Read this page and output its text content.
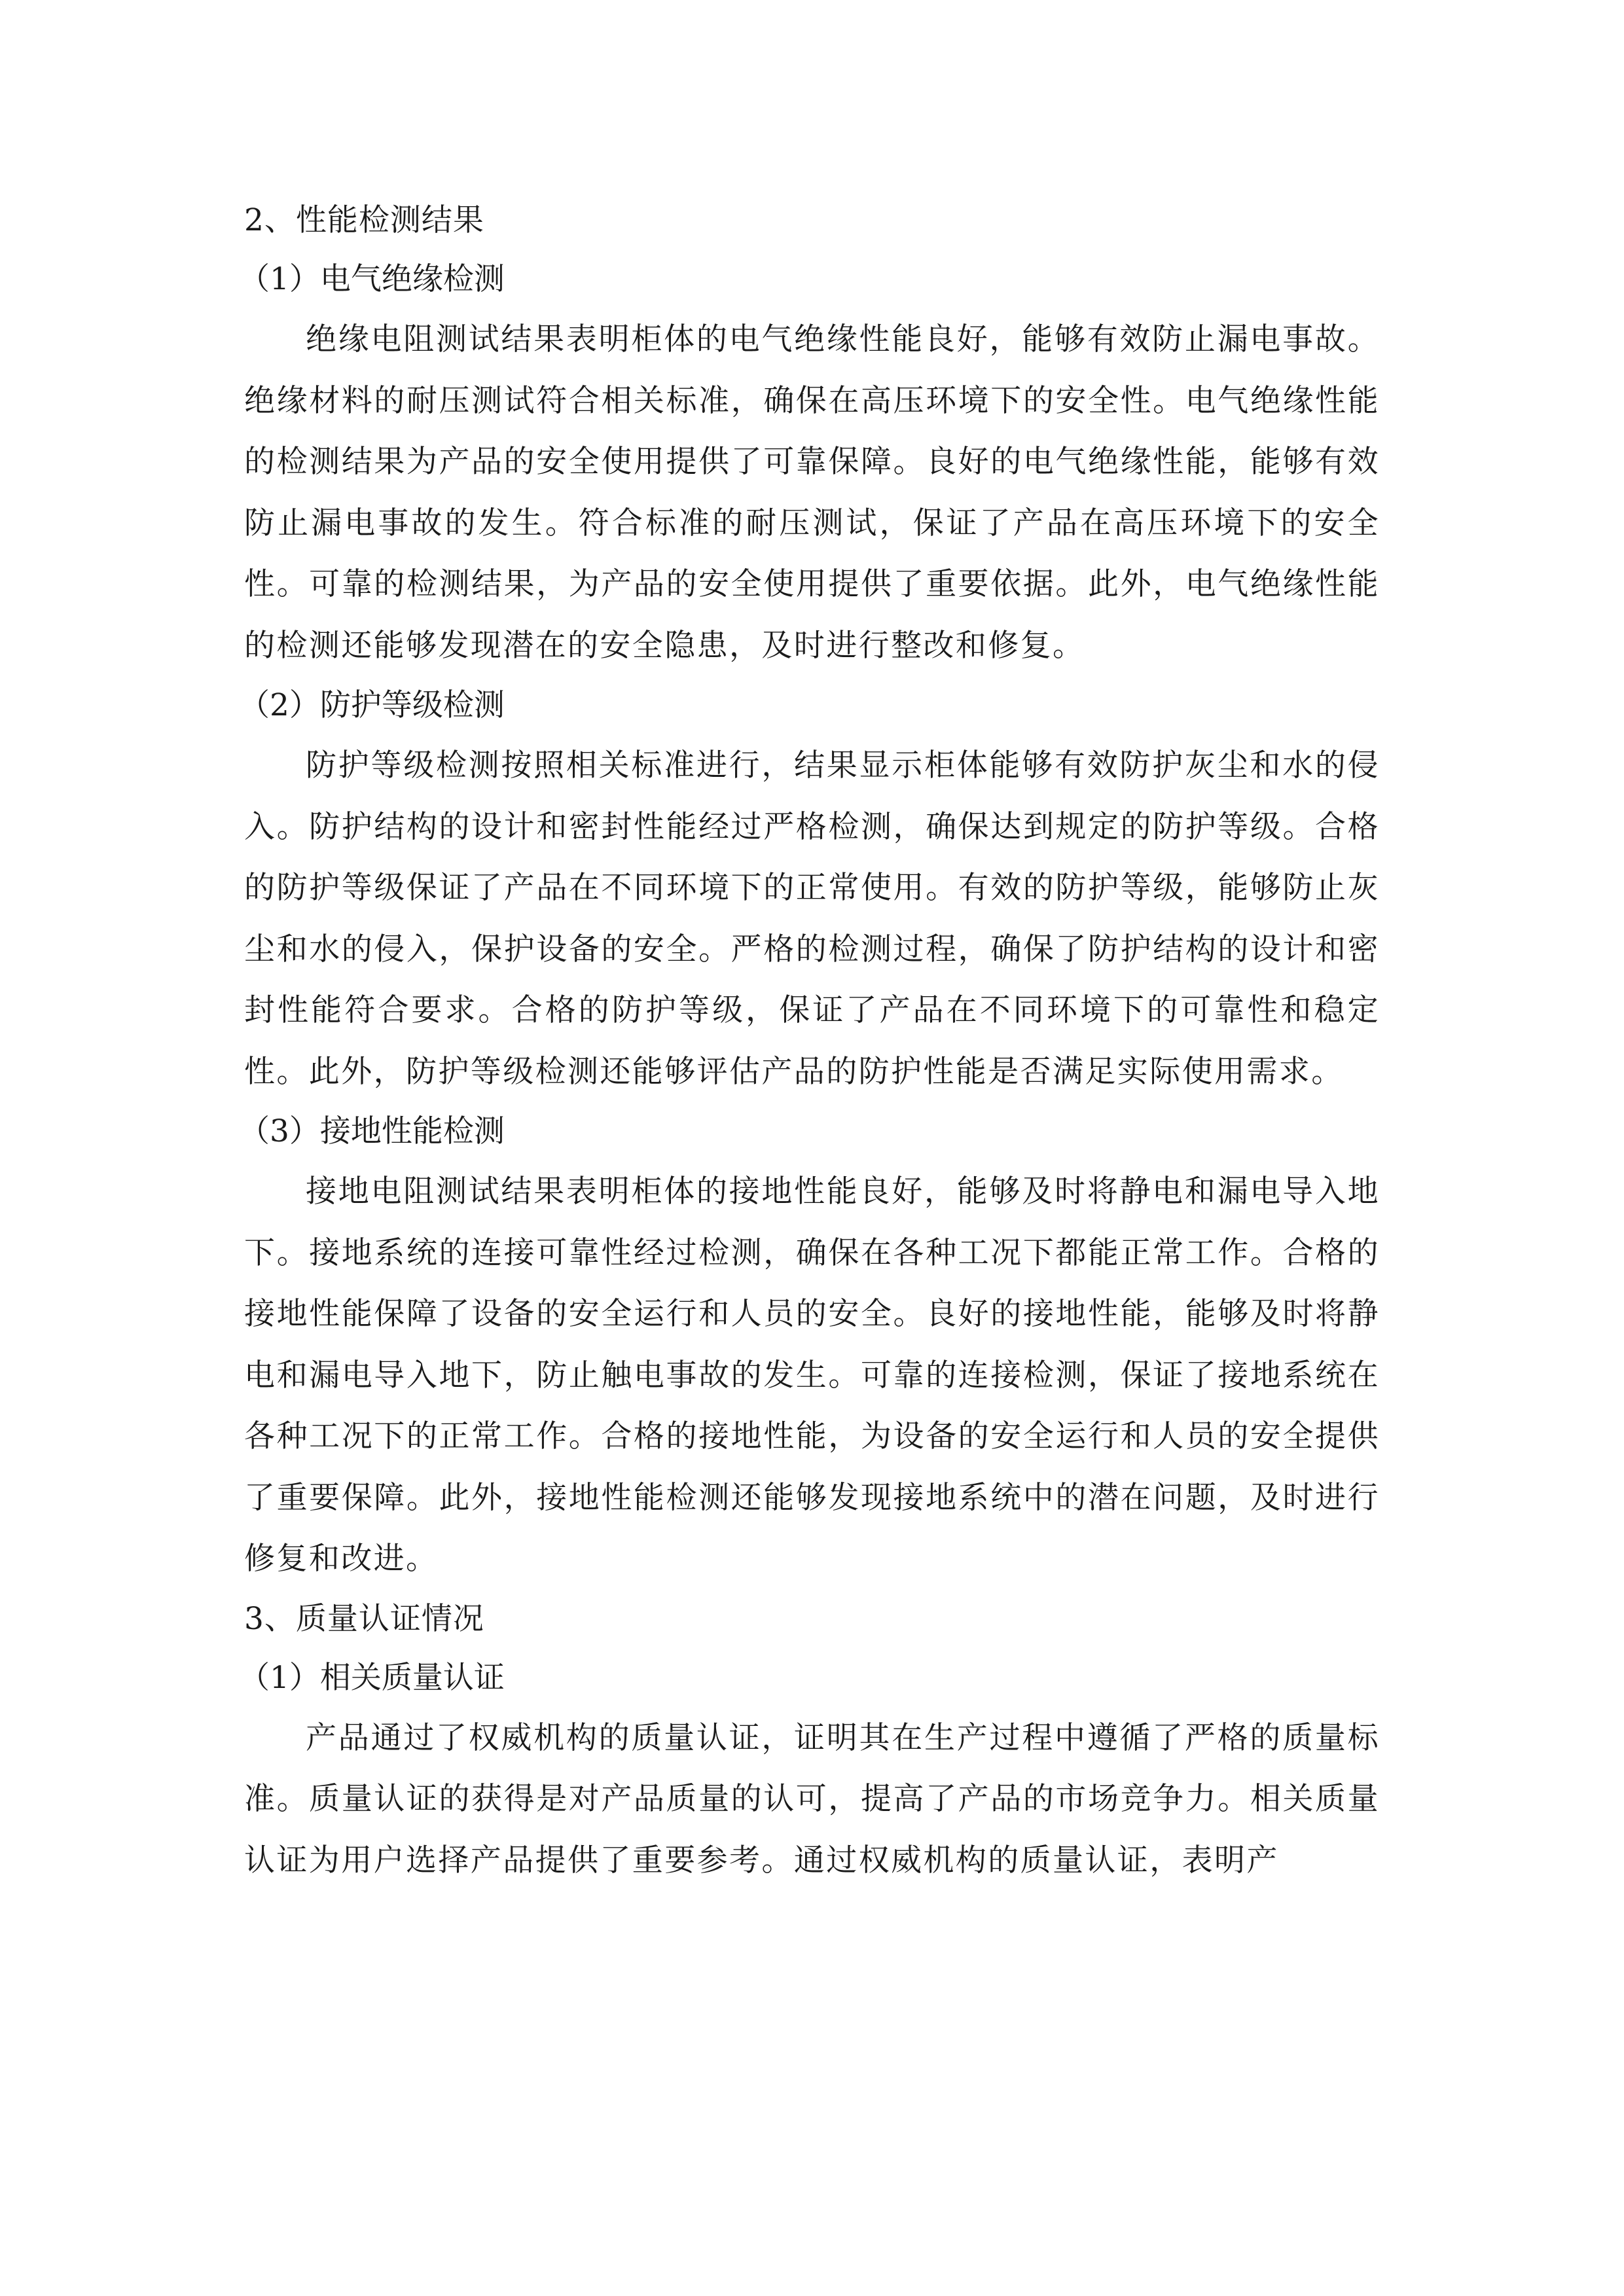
2、性能检测结果

（1）电气绝缘检测

绝缘电阻测试结果表明柜体的电气绝缘性能良好，能够有效防止漏电事故。绝缘材料的耐压测试符合相关标准，确保在高压环境下的安全性。电气绝缘性能的检测结果为产品的安全使用提供了可靠保障。良好的电气绝缘性能，能够有效防止漏电事故的发生。符合标准的耐压测试，保证了产品在高压环境下的安全性。可靠的检测结果，为产品的安全使用提供了重要依据。此外，电气绝缘性能的检测还能够发现潜在的安全隐患，及时进行整改和修复。

（2）防护等级检测

防护等级检测按照相关标准进行，结果显示柜体能够有效防护灰尘和水的侵入。防护结构的设计和密封性能经过严格检测，确保达到规定的防护等级。合格的防护等级保证了产品在不同环境下的正常使用。有效的防护等级，能够防止灰尘和水的侵入，保护设备的安全。严格的检测过程，确保了防护结构的设计和密封性能符合要求。合格的防护等级，保证了产品在不同环境下的可靠性和稳定性。此外，防护等级检测还能够评估产品的防护性能是否满足实际使用需求。

（3）接地性能检测

接地电阻测试结果表明柜体的接地性能良好，能够及时将静电和漏电导入地下。接地系统的连接可靠性经过检测，确保在各种工况下都能正常工作。合格的接地性能保障了设备的安全运行和人员的安全。良好的接地性能，能够及时将静电和漏电导入地下，防止触电事故的发生。可靠的连接检测，保证了接地系统在各种工况下的正常工作。合格的接地性能，为设备的安全运行和人员的安全提供了重要保障。此外，接地性能检测还能够发现接地系统中的潜在问题，及时进行修复和改进。

3、质量认证情况

（1）相关质量认证

产品通过了权威机构的质量认证，证明其在生产过程中遵循了严格的质量标准。质量认证的获得是对产品质量的认可，提高了产品的市场竞争力。相关质量认证为用户选择产品提供了重要参考。通过权威机构的质量认证，表明产
